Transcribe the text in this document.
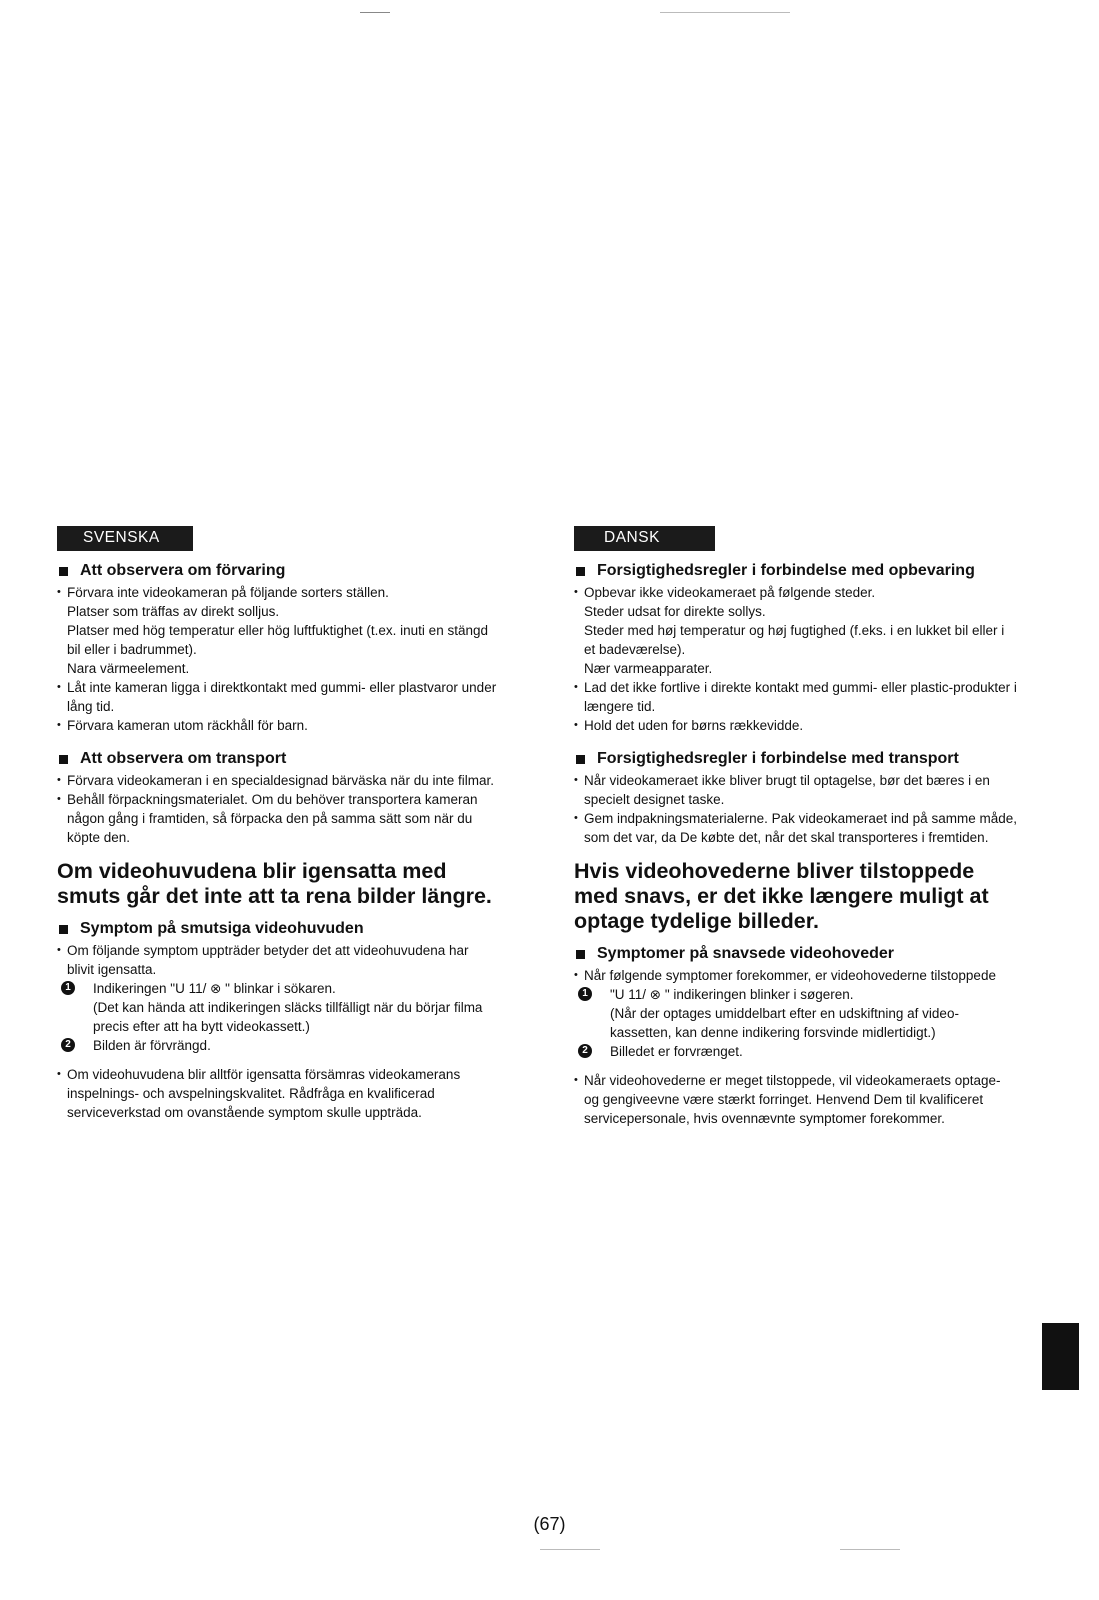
SVENSKA
Att observera om förvaring
• Förvara inte videokameran på följande sorters ställen.
Platser som träffas av direkt solljus.
Platser med hög temperatur eller hög luftfuktighet (t.ex. inuti en stängd bil eller i badrummet).
Nara värmeelement.
• Låt inte kameran ligga i direktkontakt med gummi- eller plastvaror under lång tid.
• Förvara kameran utom räckhåll för barn.
Att observera om transport
• Förvara videokameran i en specialdesignad bärväska när du inte filmar.
• Behåll förpackningsmaterialet. Om du behöver transportera kameran någon gång i framtiden, så förpacka den på samma sätt som när du köpte den.
Om videohuvudena blir igensatta med smuts går det inte att ta rena bilder längre.
Symptom på smutsiga videohuvuden
• Om följande symptom uppträder betyder det att videohuvudena har blivit igensatta.
1	Indikeringen "U 11/ ⊗ " blinkar i sökaren.
(Det kan hända att indikeringen släcks tillfälligt när du börjar filma precis efter att ha bytt videokassett.)
2	Bilden är förvrängd.
• Om videohuvudena blir alltför igensatta försämras videokamerans inspelnings- och avspelningskvalitet. Rådfråga en kvalificerad serviceverkstad om ovanstående symptom skulle uppträda.
DANSK
Forsigtighedsregler i forbindelse med opbevaring
• Opbevar ikke videokameraet på følgende steder.
Steder udsat for direkte sollys.
Steder med høj temperatur og høj fugtighed (f.eks. i en lukket bil eller i et badeværelse).
Nær varmeapparater.
• Lad det ikke fortlive i direkte kontakt med gummi- eller plastic-produkter i længere tid.
• Hold det uden for børns rækkevidde.
Forsigtighedsregler i forbindelse med transport
• Når videokameraet ikke bliver brugt til optagelse, bør det bæres i en specielt designet taske.
• Gem indpakningsmaterialerne. Pak videokameraet ind på samme måde, som det var, da De købte det, når det skal transporteres i fremtiden.
Hvis videohovederne bliver tilstoppede med snavs, er det ikke længere muligt at optage tydelige billeder.
Symptomer på snavsede videohoveder
• Når følgende symptomer forekommer, er videohovederne tilstoppede
1	"U 11/ ⊗ " indikeringen blinker i søgeren.
(Når der optages umiddelbart efter en udskiftning af video-kassetten, kan denne indikering forsvinde midlertidigt.)
2	Billedet er forvrænget.
• Når videohovederne er meget tilstoppede, vil videokameraets optage- og gengiveevne være stærkt forringet. Henvend Dem til kvalificeret servicepersonale, hvis ovennævnte symptomer forekommer.
(67)
